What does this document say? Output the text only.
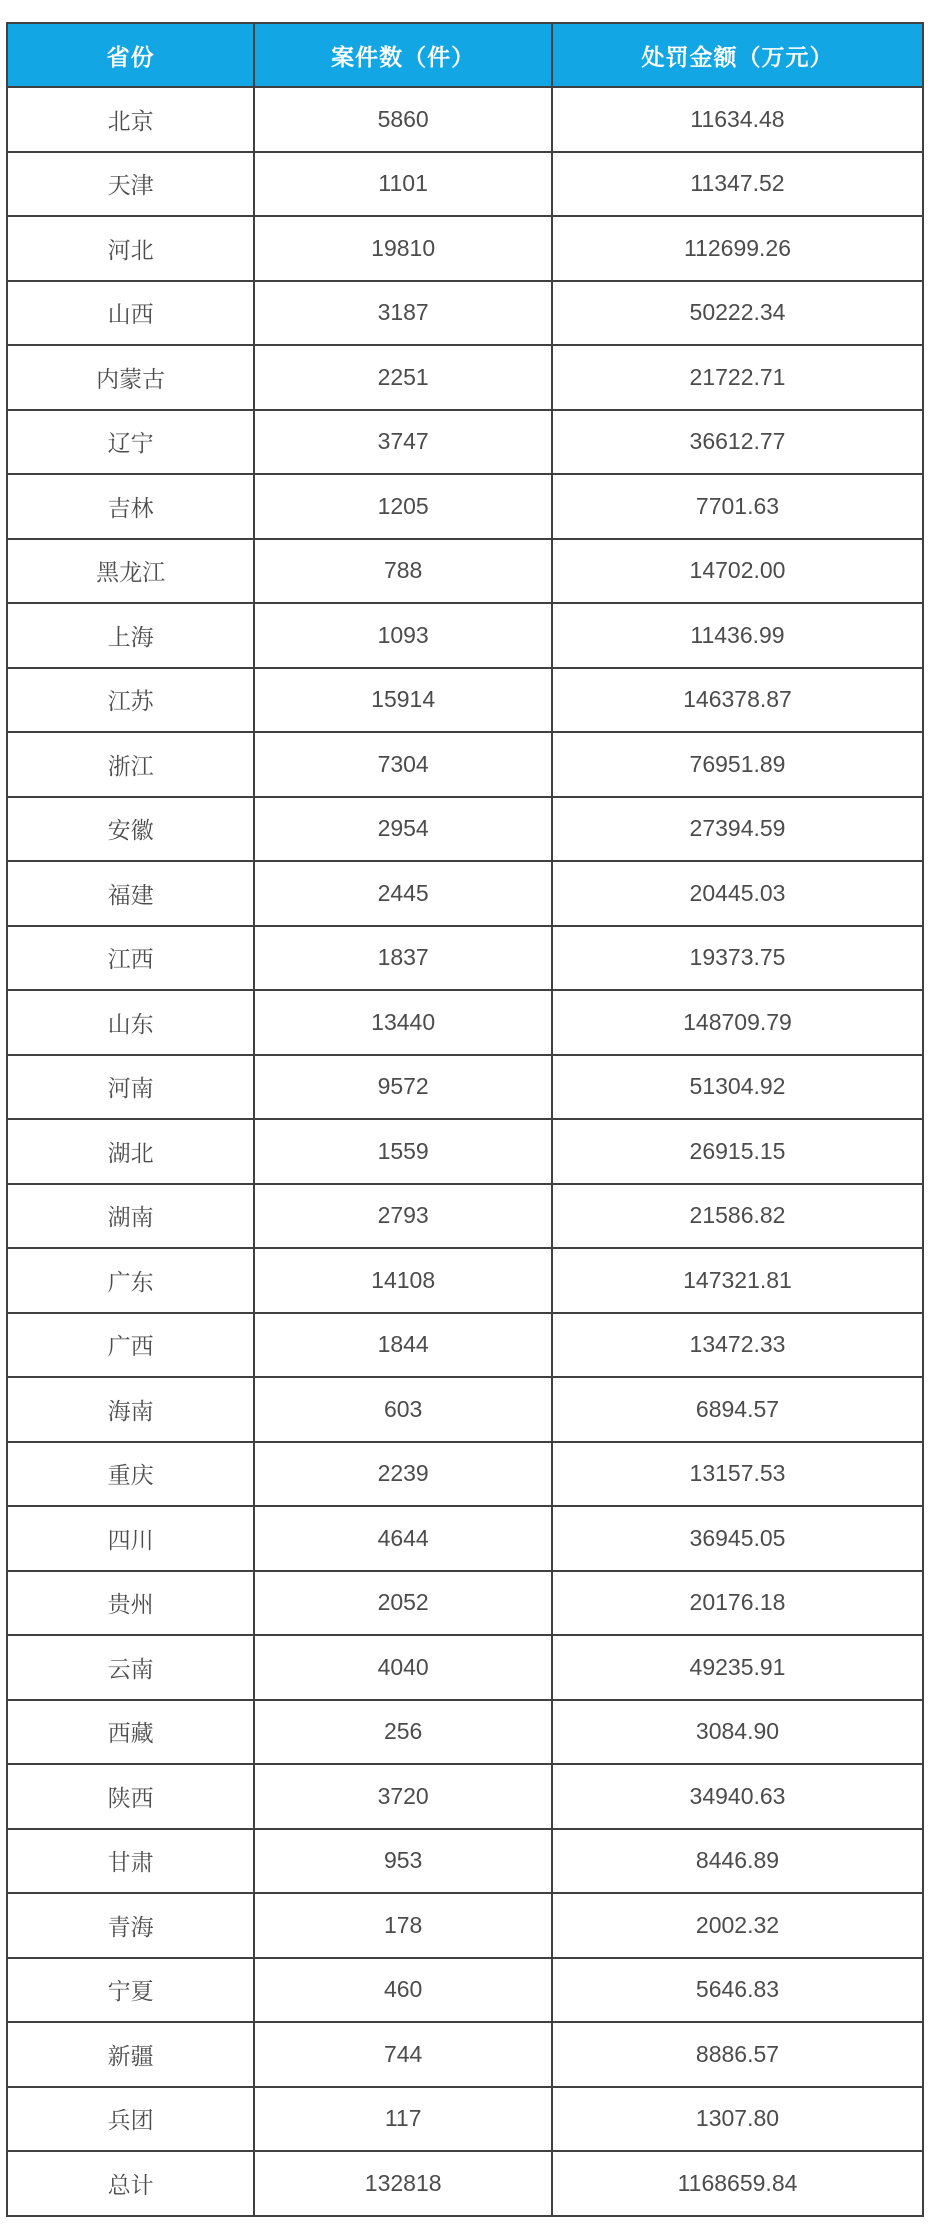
省份	案件数（件）	处罚金额（万元）
北京	5860	11634.48
天津	1101	11347.52
河北	19810	112699.26
山西	3187	50222.34
内蒙古	2251	21722.71
辽宁	3747	36612.77
吉林	1205	7701.63
黑龙江	788	14702.00
上海	1093	11436.99
江苏	15914	146378.87
浙江	7304	76951.89
安徽	2954	27394.59
福建	2445	20445.03
江西	1837	19373.75
山东	13440	148709.79
河南	9572	51304.92
湖北	1559	26915.15
湖南	2793	21586.82
广东	14108	147321.81
广西	1844	13472.33
海南	603	6894.57
重庆	2239	13157.53
四川	4644	36945.05
贵州	2052	20176.18
云南	4040	49235.91
西藏	256	3084.90
陕西	3720	34940.63
甘肃	953	8446.89
青海	178	2002.32
宁夏	460	5646.83
新疆	744	8886.57
兵团	117	1307.80
总计	132818	1168659.84
